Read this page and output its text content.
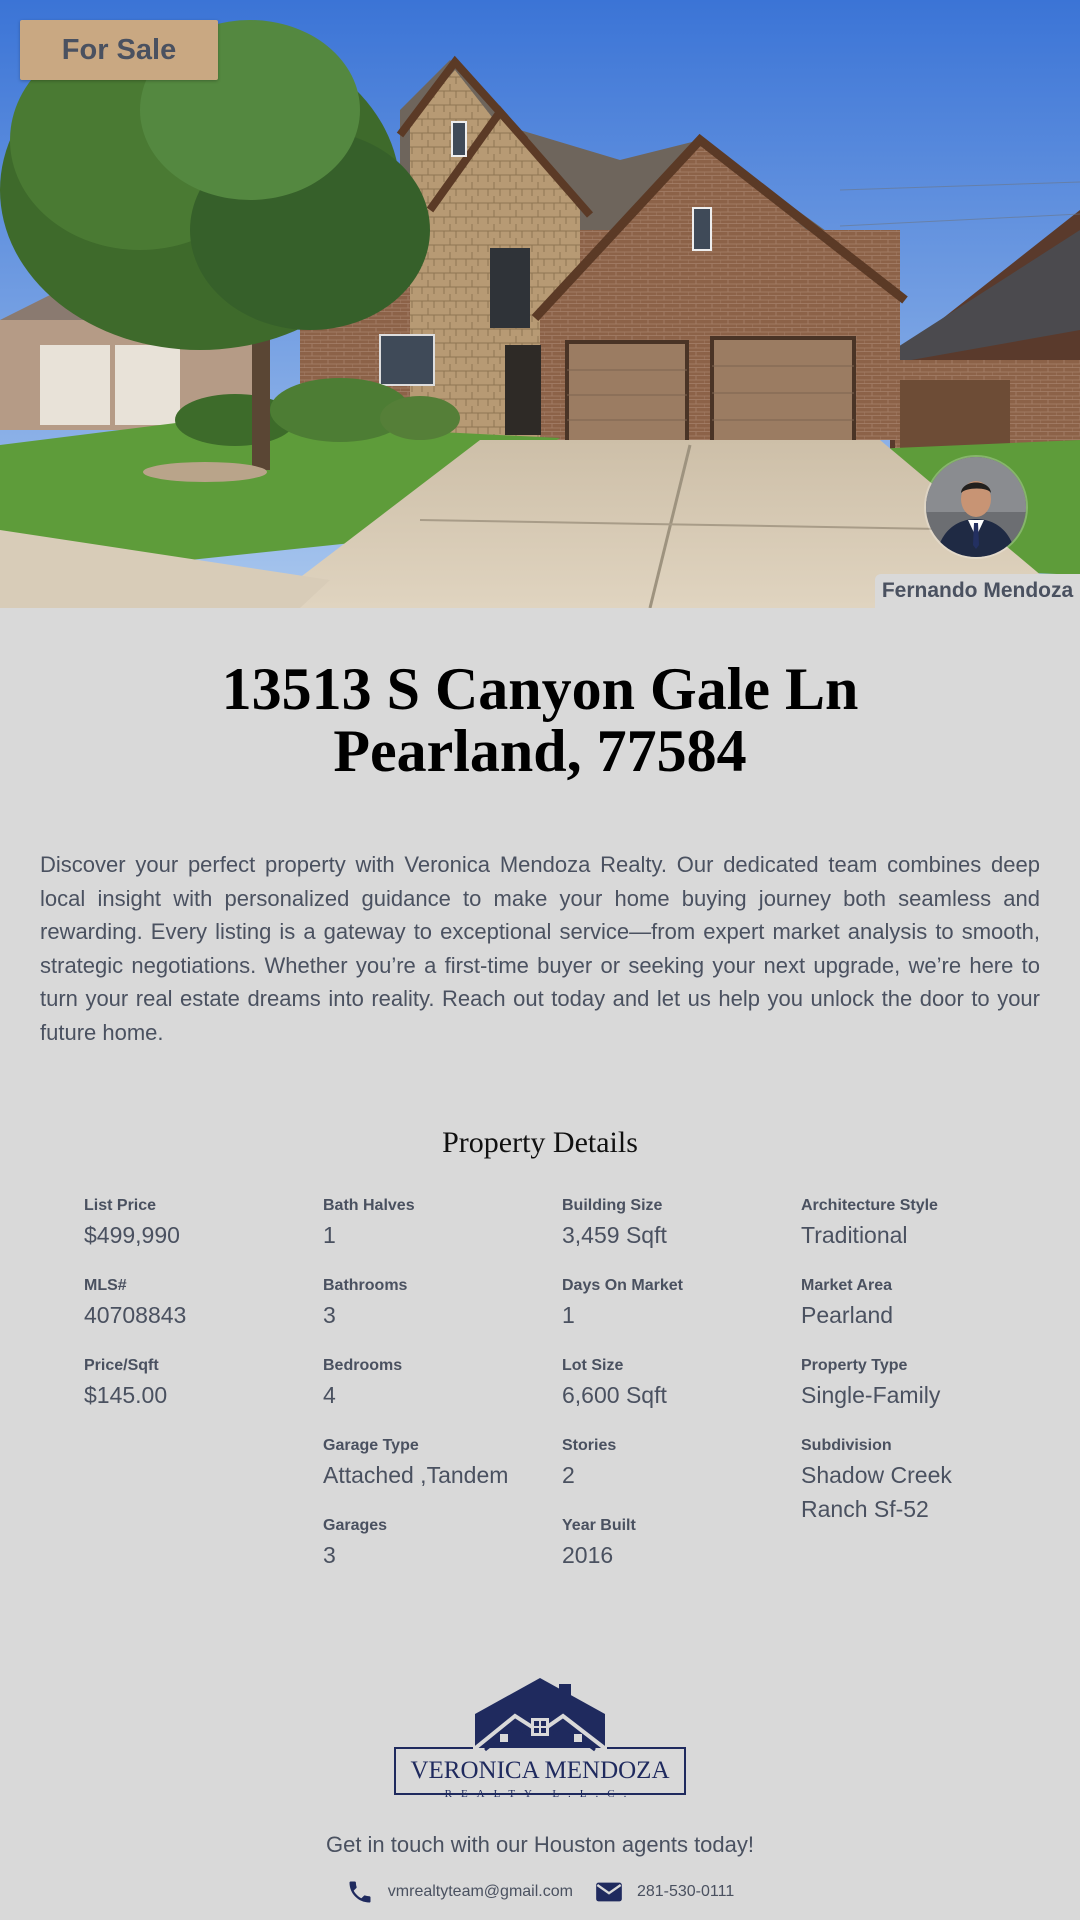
For Sale
Fernando Mendoza
13513 S Canyon Gale Ln
Pearland, 77584

Discover your perfect property with Veronica Mendoza Realty. Our dedicated team combines deep local insight with personalized guidance to make your home buying journey both seamless and rewarding. Every listing is a gateway to exceptional service—from expert market analysis to smooth, strategic negotiations. Whether you’re a first-time buyer or seeking your next upgrade, we’re here to turn your real estate dreams into reality. Reach out today and let us help you unlock the door to your future home.

Property Details
List Price
$499,990
MLS#
40708843
Price/Sqft
$145.00
Bath Halves
1
Bathrooms
3
Bedrooms
4
Garage Type
Attached ,Tandem
Garages
3
Building Size
3,459 Sqft
Days On Market
1
Lot Size
6,600 Sqft
Stories
2
Year Built
2016
Architecture Style
Traditional
Market Area
Pearland
Property Type
Single-Family
Subdivision
Shadow Creek Ranch Sf-52
VERONICA MENDOZA
REALTY L.L.C.
Get in touch with our Houston agents today!
vmrealtyteam@gmail.com	281-530-0111
